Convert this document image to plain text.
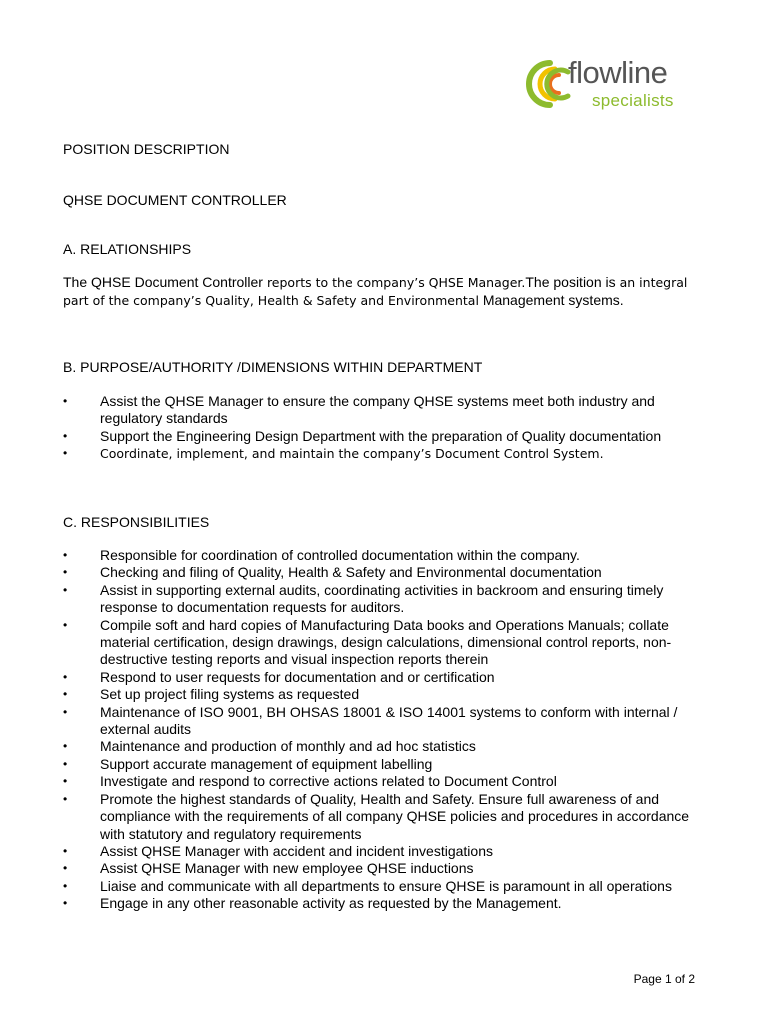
flowline
specialists
POSITION DESCRIPTION
QHSE DOCUMENT CONTROLLER
A. RELATIONSHIPS
The QHSE Document Controller reports to the company’s QHSE Manager.The position is an integral part of the company’s Quality, Health & Safety and Environmental Management systems.
B. PURPOSE/AUTHORITY /DIMENSIONS WITHIN DEPARTMENT
• Assist the QHSE Manager to ensure the company QHSE systems meet both industry and regulatory standards
• Support the Engineering Design Department with the preparation of Quality documentation
•	Coordinate, implement, and maintain the company’s Document Control System.
C. RESPONSIBILITIES
• Responsible for coordination of controlled documentation within the company.
• Checking and filing of Quality, Health & Safety and Environmental documentation
• Assist in supporting external audits, coordinating activities in backroom and ensuring timely response to documentation requests for auditors.
• Compile soft and hard copies of Manufacturing Data books and Operations Manuals; collate material certification, design drawings, design calculations, dimensional control reports, non-destructive testing reports and visual inspection reports therein
• Respond to user requests for documentation and or certification
• Set up project filing systems as requested
• Maintenance of ISO 9001, BH OHSAS 18001 & ISO 14001 systems to conform with internal / external audits
• Maintenance and production of monthly and ad hoc statistics
• Support accurate management of equipment labelling
• Investigate and respond to corrective actions related to Document Control
• Promote the highest standards of Quality, Health and Safety. Ensure full awareness of and compliance with the requirements of all company QHSE policies and procedures in accordance with statutory and regulatory requirements
• Assist QHSE Manager with accident and incident investigations
• Assist QHSE Manager with new employee QHSE inductions
• Liaise and communicate with all departments to ensure QHSE is paramount in all operations
• Engage in any other reasonable activity as requested by the Management.
Page 1 of 2
